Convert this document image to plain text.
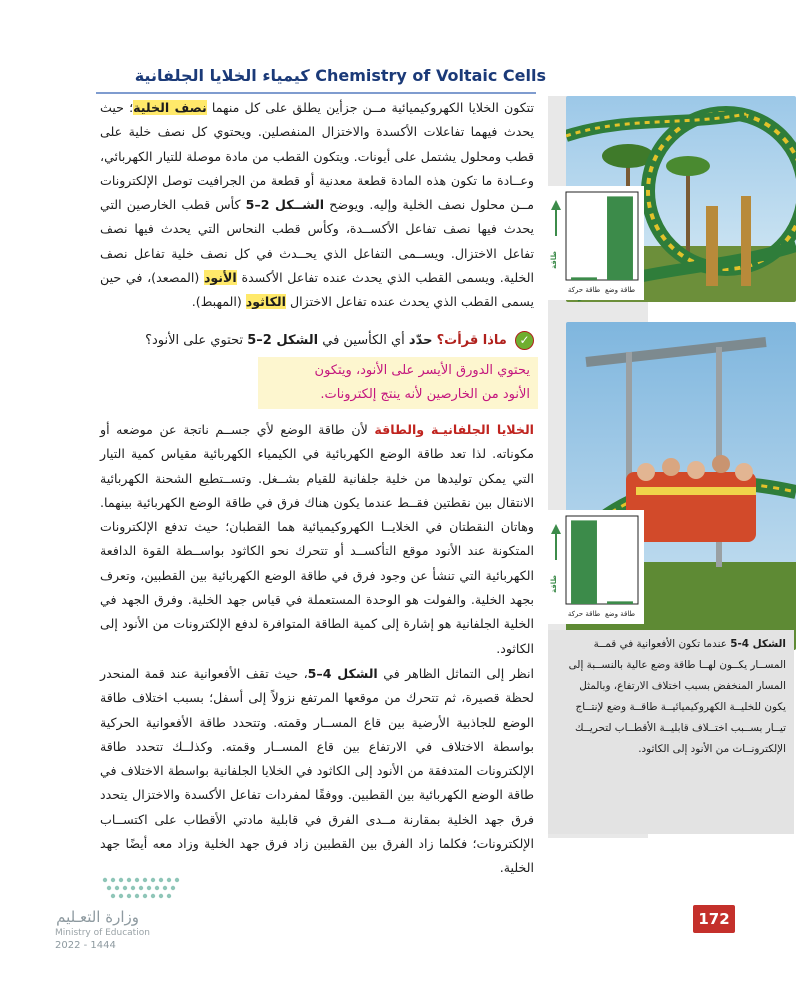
Chemistry of Voltaic Cells كيمياء الخلايا الجلفانية

تتكون الخلايا الكهروكيميائية مــن جزأين يطلق على كل منهما نصف الخلية؛ حيث يحدث فيهما تفاعلات الأكسدة والاختزال المنفصلين. ويحتوي كل نصف خلية على قطب ومحلول يشتمل على أيونات. ويتكون القطب من مادة موصلة للتيار الكهربائي، وعــادة ما تكون هذه المادة قطعة معدنية أو قطعة من الجرافيت توصل الإلكترونات مــن محلول نصف الخلية وإليه. ويوضح الشــكل 2–5 كأس قطب الخارصين التي يحدث فيها نصف تفاعل الأكســدة، وكأس قطب النحاس التي يحدث فيها نصف تفاعل الاختزال. ويســمى التفاعل الذي يحــدث في كل نصف خلية تفاعل نصف الخلية. ويسمى القطب الذي يحدث عنده تفاعل الأكسدة الأنود (المصعد)، في حين يسمى القطب الذي يحدث عنده تفاعل الاختزال الكاثود (المهبط).

✓ ماذا قرأت؟ حدّد أي الكأسين في الشكل 2–5 تحتوي على الأنود؟
يحتوي الدورق الأيسر على الأنود، ويتكون
الأنود من الخارصين لأنه ينتج إلكترونات.

الخلايا الجلفانيـة والطاقة لأن طاقة الوضع لأي جســم ناتجة عن موضعه أو مكوناته. لذا تعد طاقة الوضع الكهربائية في الكيمياء الكهربائية مقياس كمية التيار التي يمكن توليدها من خلية جلفانية للقيام بشــغل. وتســتطيع الشحنة الكهربائية الانتقال بين نقطتين فقــط عندما يكون هناك فرق في طاقة الوضع الكهربائية بينهما. وهاتان النقطتان في الخلايــا الكهروكيميائية هما القطبان؛ حيث تدفع الإلكترونات المتكونة عند الأنود موقع التأكســد أو تتحرك نحو الكاثود بواســطة القوة الدافعة الكهربائية التي تنشأ عن وجود فرق في طاقة الوضع الكهربائية بين القطبين، وتعرف بجهد الخلية. والفولت هو الوحدة المستعملة في قياس جهد الخلية. وفرق الجهد في الخلية الجلفانية هو إشارة إلى كمية الطاقة المتوافرة لدفع الإلكترونات من الأنود إلى الكاثود.

انظر إلى التماثل الظاهر في الشكل 4–5، حيث تقف الأفعوانية عند قمة المنحدر لحظة قصيرة، ثم تتحرك من موقعها المرتفع نزولاً إلى أسفل؛ بسبب اختلاف طاقة الوضع للجاذبية الأرضية بين قاع المســار وقمته. وتتحدد طاقة الأفعوانية الحركية بواسطة الاختلاف في الارتفاع بين قاع المســار وقمته. وكذلــك تتحدد طاقة الإلكترونات المتدفقة من الأنود إلى الكاثود في الخلايا الجلفانية بواسطة الاختلاف في طاقة الوضع الكهربائية بين القطبين. ووفقًا لمفردات تفاعل الأكسدة والاختزال يتحدد فرق جهد الخلية بمقارنة مــدى الفرق في قابلية مادتي الأقطاب على اكتســاب الإلكترونات؛ فكلما زاد الفرق بين القطبين زاد فرق جهد الخلية وزاد معه أيضًا جهد الخلية.

طاقة
طاقة وضع
طاقة حركة
طاقة
طاقة وضع
طاقة حركة
الشكل 4-5 عندما تكون الأفعوانية في قمــة المســار يكــون لهــا طاقة وضع عالية بالنســبة إلى المسار المنخفض بسبب اختلاف الارتفاع، وبالمثل يكون للخليــة الكهروكيميائيــة طاقــة وضع لإنتــاج تيــار بســبب اختــلاف قابليــة الأقطــاب لتحريــك الإلكترونــات من الأنود إلى الكاثود.
وزارة التعـليم
Ministry of Education
2022 - 1444
172
